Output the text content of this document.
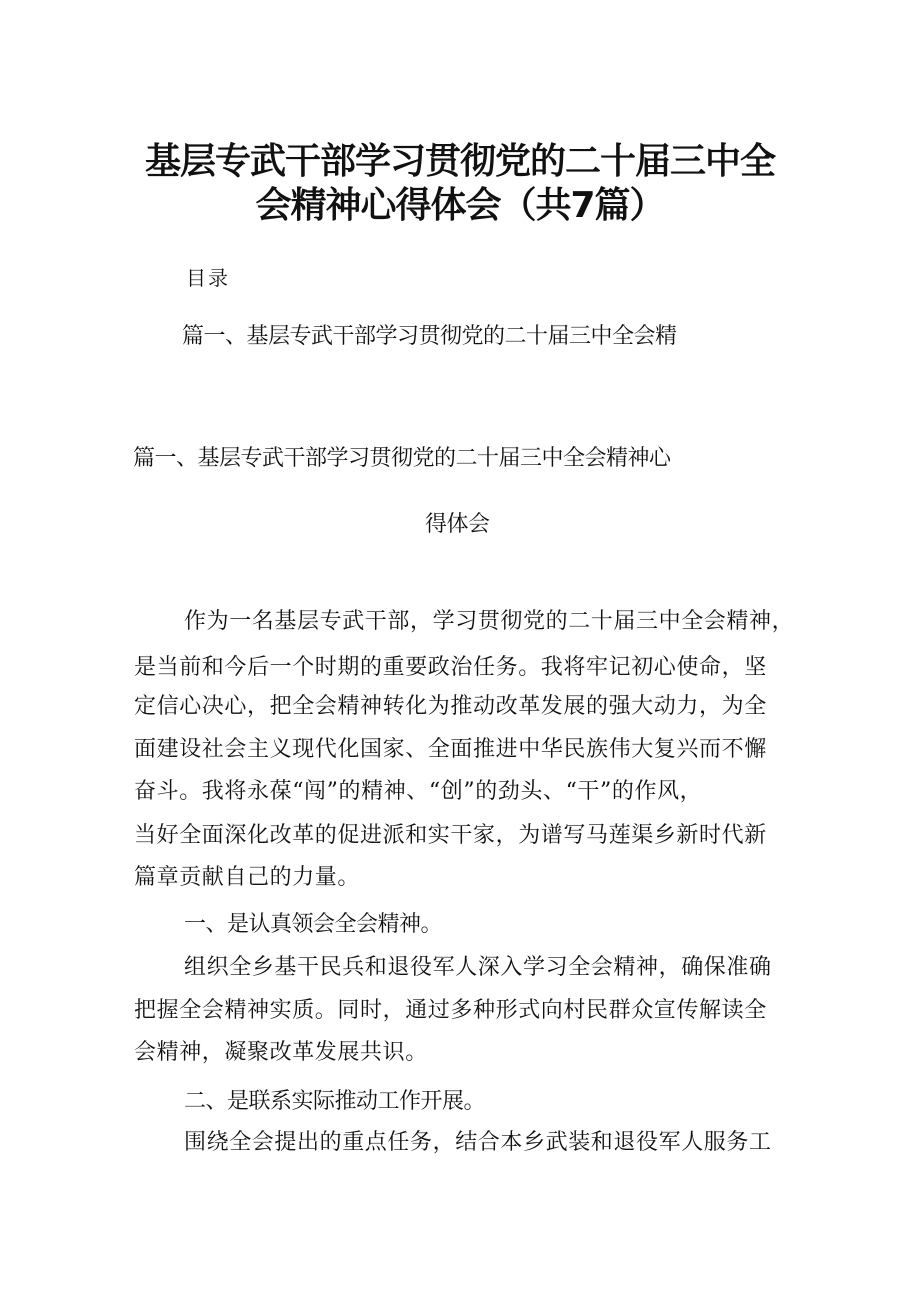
基层专武干部学习贯彻党的二十届三中全
会精神心得体会（共7篇）
目录
篇一、基层专武干部学习贯彻党的二十届三中全会精
篇一、基层专武干部学习贯彻党的二十届三中全会精神心
得体会
作为一名基层专武干部，学习贯彻党的二十届三中全会精神，
是当前和今后一个时期的重要政治任务。我将牢记初心使命，坚
定信心决心，把全会精神转化为推动改革发展的强大动力，为全
面建设社会主义现代化国家、全面推进中华民族伟大复兴而不懈
奋斗。我将永葆“闯”的精神、“创”的劲头、“干”的作风，
当好全面深化改革的促进派和实干家，为谱写马莲渠乡新时代新
篇章贡献自己的力量。
一、是认真领会全会精神。
组织全乡基干民兵和退役军人深入学习全会精神，确保准确
把握全会精神实质。同时，通过多种形式向村民群众宣传解读全
会精神，凝聚改革发展共识。
二、是联系实际推动工作开展。
围绕全会提出的重点任务，结合本乡武装和退役军人服务工
